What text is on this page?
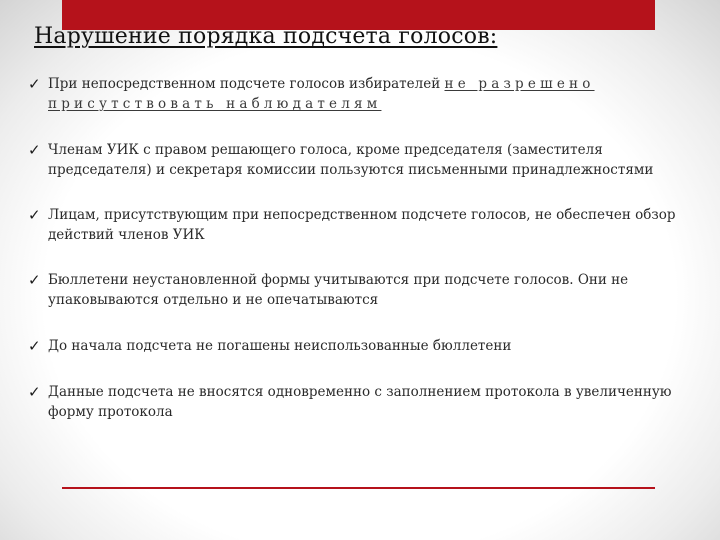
Нарушение порядка подсчета голосов:
✓ При непосредственном подсчете голосов избирателей не разрешено присутствовать наблюдателям
✓ Членам УИК с правом решающего голоса, кроме председателя (заместителя председателя) и секретаря комиссии пользуются письменными принадлежностями
✓ Лицам, присутствующим при непосредственном подсчете голосов, не обеспечен обзор действий членов УИК
✓ Бюллетени неустановленной формы учитываются при подсчете голосов. Они не упаковываются отдельно и не опечатываются
✓ До начала подсчета не погашены неиспользованные бюллетени
✓ Данные подсчета не вносятся одновременно с заполнением протокола в увеличенную форму протокола
